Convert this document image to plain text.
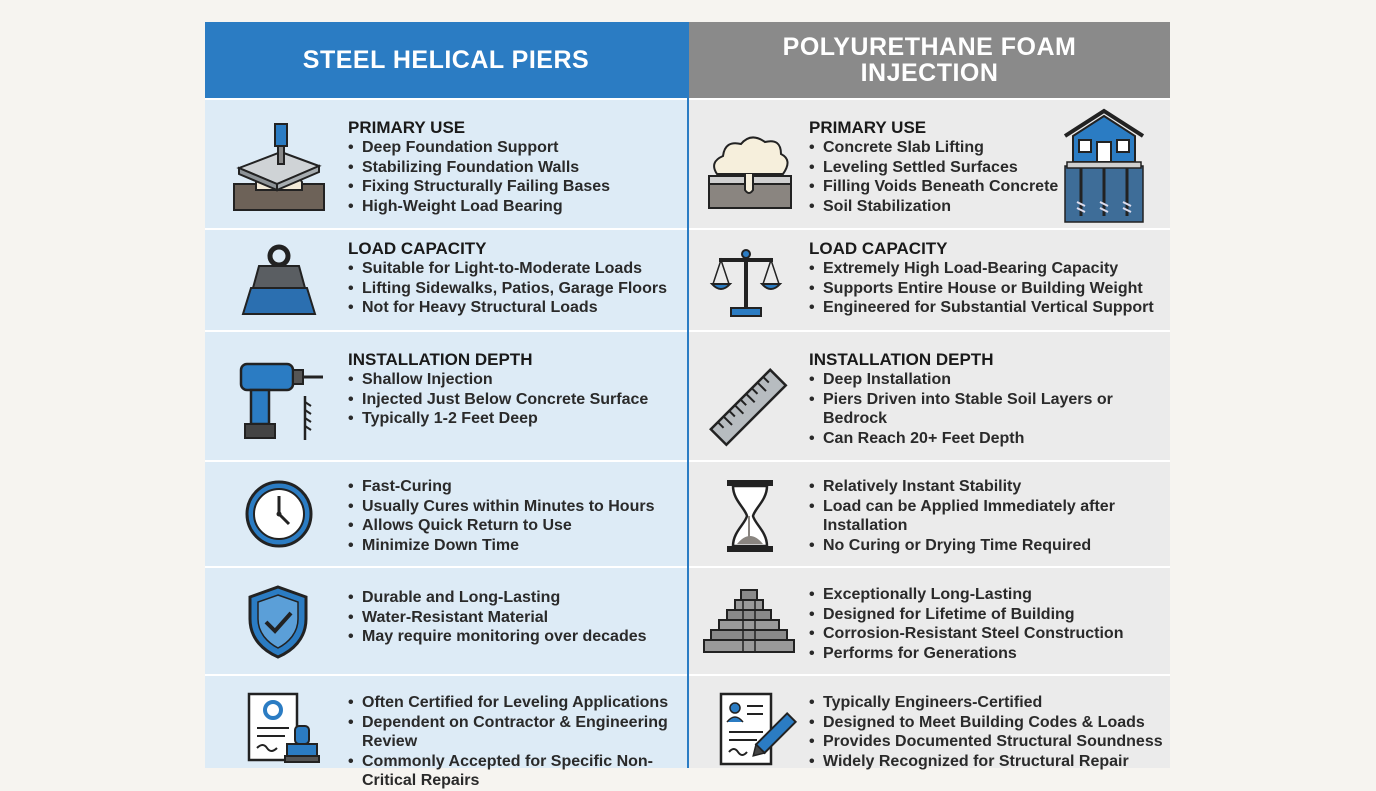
STEEL HELICAL PIERS
PRIMARY USE
• Deep Foundation Support
• Stabilizing Foundation Walls
• Fixing Structurally Failing Bases
• High-Weight Load Bearing
LOAD CAPACITY
• Suitable for Light-to-Moderate Loads
• Lifting Sidewalks, Patios, Garage Floors
• Not for Heavy Structural Loads
INSTALLATION DEPTH
• Shallow Injection
• Injected Just Below Concrete Surface
• Typically 1-2 Feet Deep
• Fast-Curing
• Usually Cures within Minutes to Hours
• Allows Quick Return to Use
• Minimize Down Time
• Durable and Long-Lasting
• Water-Resistant Material
• May require monitoring over decades
• Often Certified for Leveling Applications
• Dependent on Contractor & Engineering Review
• Commonly Accepted for Specific Non-Critical Repairs
POLYURETHANE FOAM
INJECTION
PRIMARY USE
• Concrete Slab Lifting
• Leveling Settled Surfaces
• Filling Voids Beneath Concrete
• Soil Stabilization
LOAD CAPACITY
• Extremely High Load-Bearing Capacity
• Supports Entire House or Building Weight
• Engineered for Substantial Vertical Support
INSTALLATION DEPTH
• Deep Installation
• Piers Driven into Stable Soil Layers or Bedrock
• Can Reach 20+ Feet Depth
• Relatively Instant Stability
• Load can be Applied Immediately after Installation
• No Curing or Drying Time Required
• Exceptionally Long-Lasting
• Designed for Lifetime of Building
• Corrosion-Resistant Steel Construction
• Performs for Generations
• Typically Engineers-Certified
• Designed to Meet Building Codes & Loads
• Provides Documented Structural Soundness
• Widely Recognized for Structural Repair
